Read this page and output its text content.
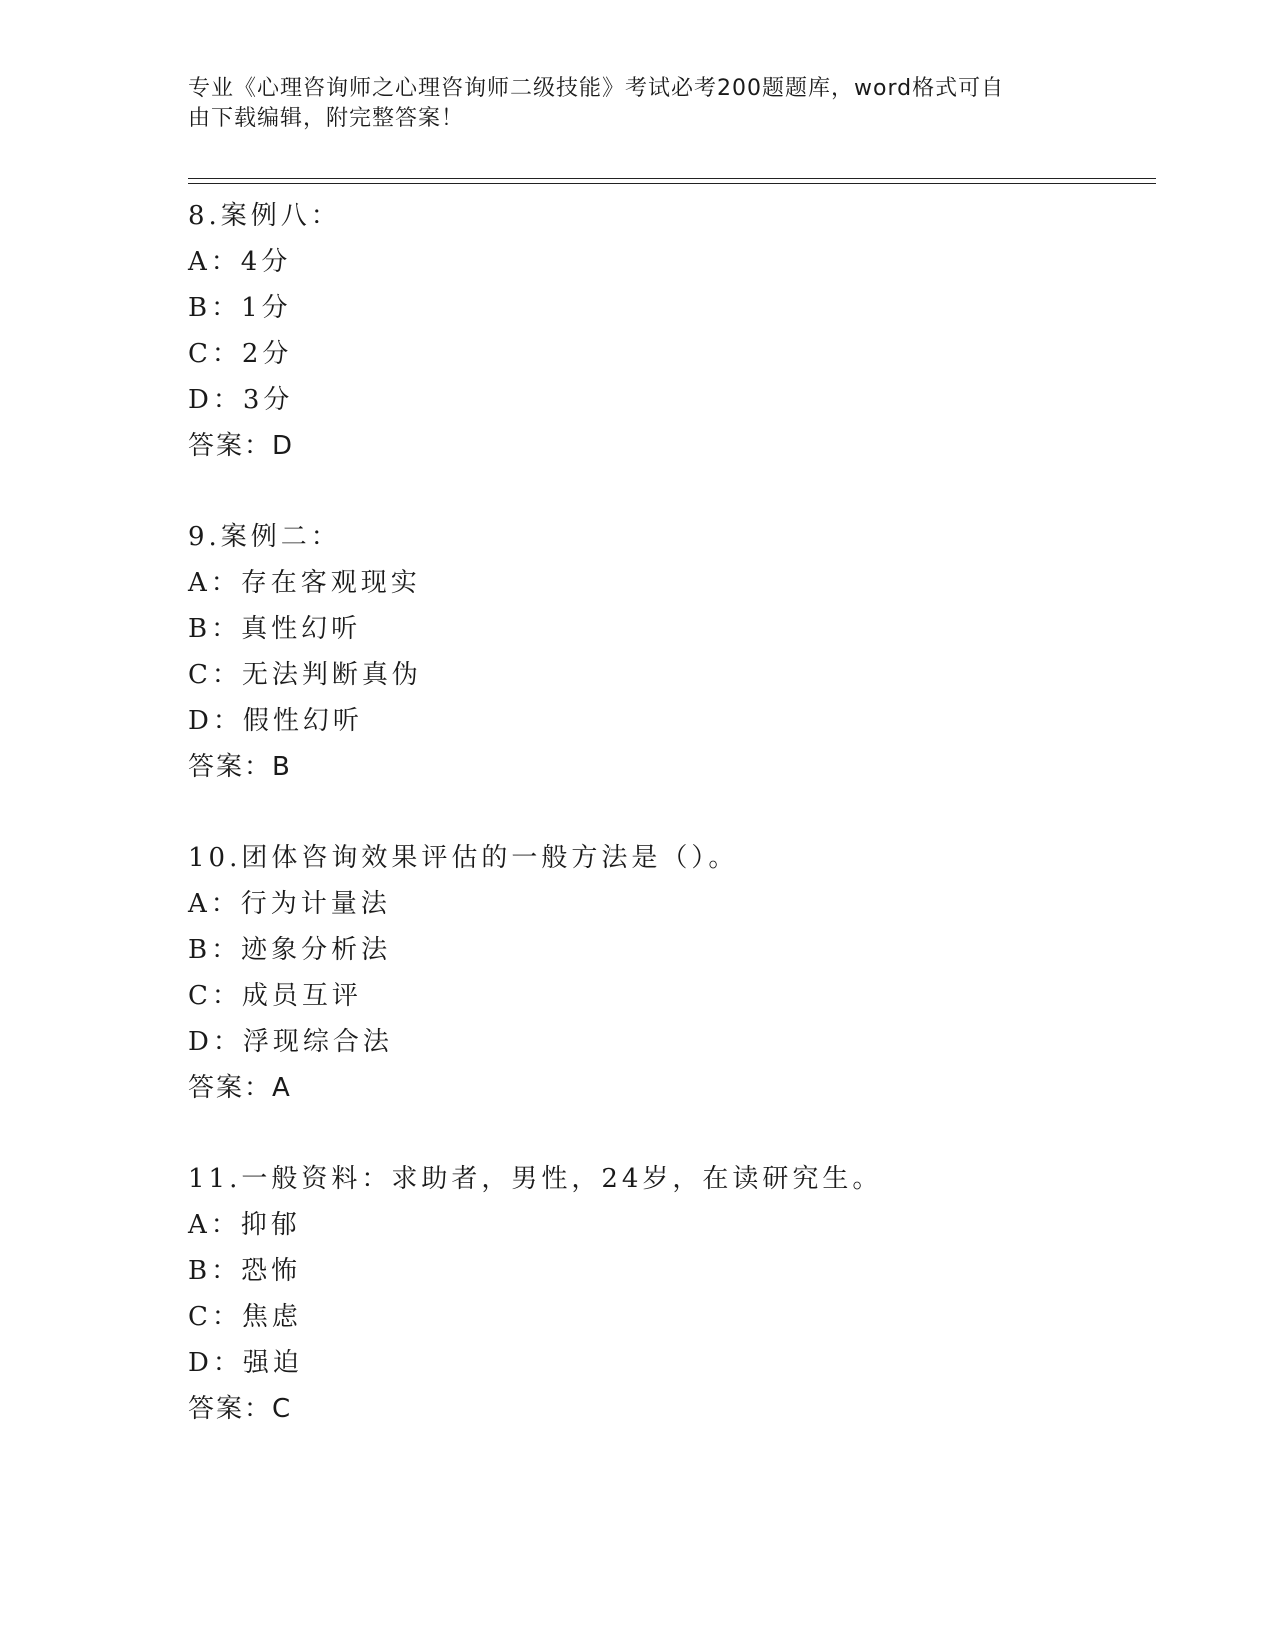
专业《心理咨询师之心理咨询师二级技能》考试必考200题题库，word格式可自
由下载编辑，附完整答案！
8.案例八：
A：4分
B：1分
C：2分
D：3分
答案：D
9.案例二：
A：存在客观现实
B：真性幻听
C：无法判断真伪
D：假性幻听
答案：B
10.团体咨询效果评估的一般方法是（）。
A：行为计量法
B：迹象分析法
C：成员互评
D：浮现综合法
答案：A
11.一般资料：求助者，男性，24岁，在读研究生。
A：抑郁
B：恐怖
C：焦虑
D：强迫
答案：C
